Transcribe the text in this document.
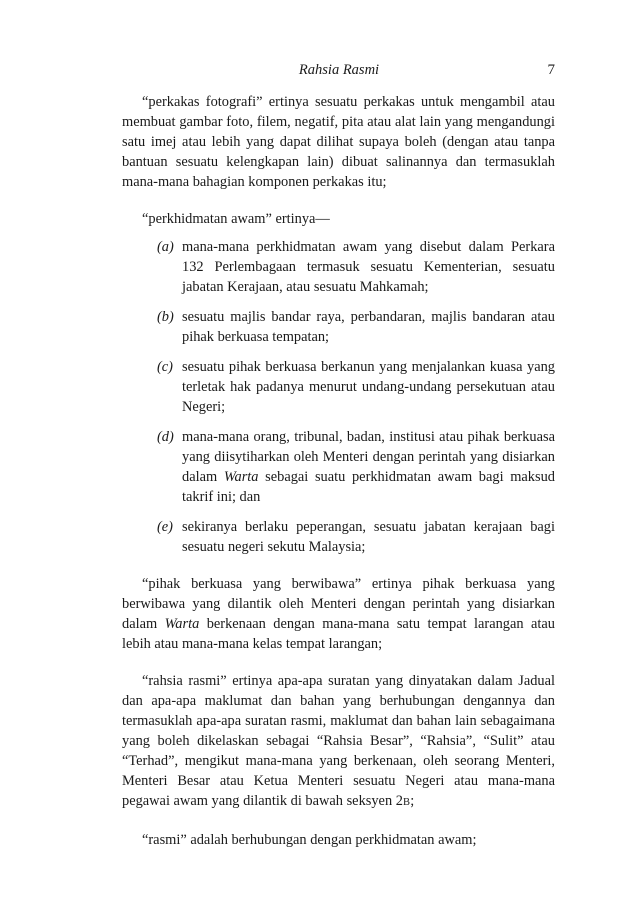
Rahsia Rasmi	7

“perkakas fotografi” ertinya sesuatu perkakas untuk mengambil atau membuat gambar foto, filem, negatif, pita atau alat lain yang mengandungi satu imej atau lebih yang dapat dilihat supaya boleh (dengan atau tanpa bantuan sesuatu kelengkapan lain) dibuat salinannya dan termasuklah mana-mana bahagian komponen perkakas itu;

“perkhidmatan awam” ertinya—

(a) mana-mana perkhidmatan awam yang disebut dalam Perkara 132 Perlembagaan termasuk sesuatu Kementerian, sesuatu jabatan Kerajaan, atau sesuatu Mahkamah;
(b) sesuatu majlis bandar raya, perbandaran, majlis bandaran atau pihak berkuasa tempatan;
(c) sesuatu pihak berkuasa berkanun yang menjalankan kuasa yang terletak hak padanya menurut undang-undang persekutuan atau Negeri;
(d) mana-mana orang, tribunal, badan, institusi atau pihak berkuasa yang diisytiharkan oleh Menteri dengan perintah yang disiarkan dalam Warta sebagai suatu perkhidmatan awam bagi maksud takrif ini; dan
(e) sekiranya berlaku peperangan, sesuatu jabatan kerajaan bagi sesuatu negeri sekutu Malaysia;

“pihak berkuasa yang berwibawa” ertinya pihak berkuasa yang berwibawa yang dilantik oleh Menteri dengan perintah yang disiarkan dalam Warta berkenaan dengan mana-mana satu tempat larangan atau lebih atau mana-mana kelas tempat larangan;

“rahsia rasmi” ertinya apa-apa suratan yang dinyatakan dalam Jadual dan apa-apa maklumat dan bahan yang berhubungan dengannya dan termasuklah apa-apa suratan rasmi, maklumat dan bahan lain sebagaimana yang boleh dikelaskan sebagai “Rahsia Besar”, “Rahsia”, “Sulit” atau “Terhad”, mengikut mana-mana yang berkenaan, oleh seorang Menteri, Menteri Besar atau Ketua Menteri sesuatu Negeri atau mana-mana pegawai awam yang dilantik di bawah seksyen 2B;

“rasmi” adalah berhubungan dengan perkhidmatan awam;
